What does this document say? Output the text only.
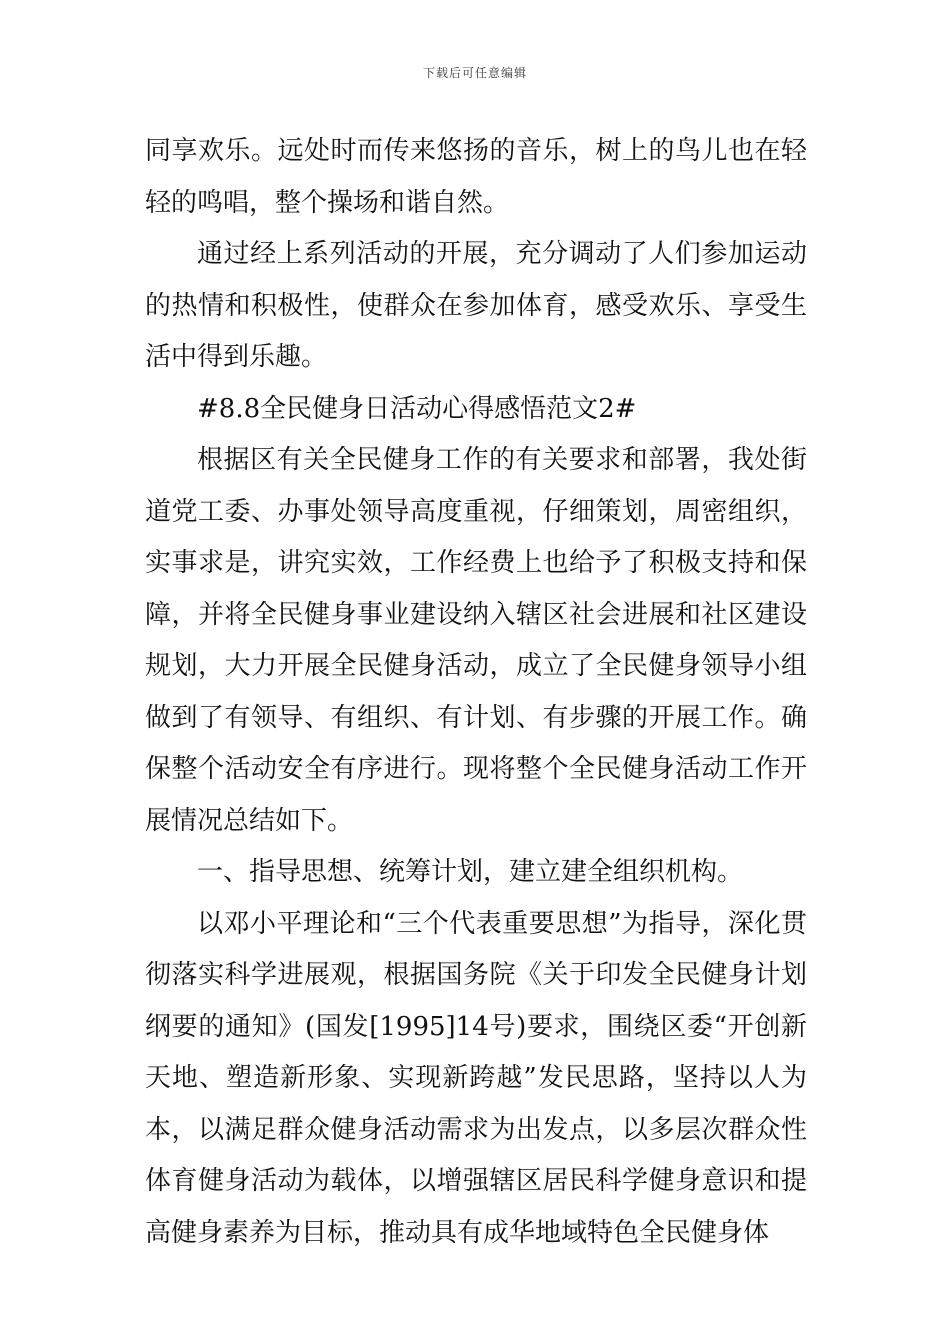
下载后可任意编辑

同享欢乐。远处时而传来悠扬的音乐，树上的鸟儿也在轻轻的鸣唱，整个操场和谐自然。

通过经上系列活动的开展，充分调动了人们参加运动的热情和积极性，使群众在参加体育，感受欢乐、享受生活中得到乐趣。

#8.8全民健身日活动心得感悟范文2#

根据区有关全民健身工作的有关要求和部署，我处街道党工委、办事处领导高度重视，仔细策划，周密组织，实事求是，讲究实效，工作经费上也给予了积极支持和保障，并将全民健身事业建设纳入辖区社会进展和社区建设规划，大力开展全民健身活动，成立了全民健身领导小组做到了有领导、有组织、有计划、有步骤的开展工作。确保整个活动安全有序进行。现将整个全民健身活动工作开展情况总结如下。

一、指导思想、统筹计划，建立建全组织机构。

以邓小平理论和“三个代表重要思想”为指导，深化贯彻落实科学进展观，根据国务院《关于印发全民健身计划纲要的通知》(国发[1995]14号)要求，围绕区委“开创新天地、塑造新形象、实现新跨越”发民思路，坚持以人为本，以满足群众健身活动需求为出发点，以多层次群众性体育健身活动为载体，以增强辖区居民科学健身意识和提高健身素养为目标，推动具有成华地域特色全民健身体
